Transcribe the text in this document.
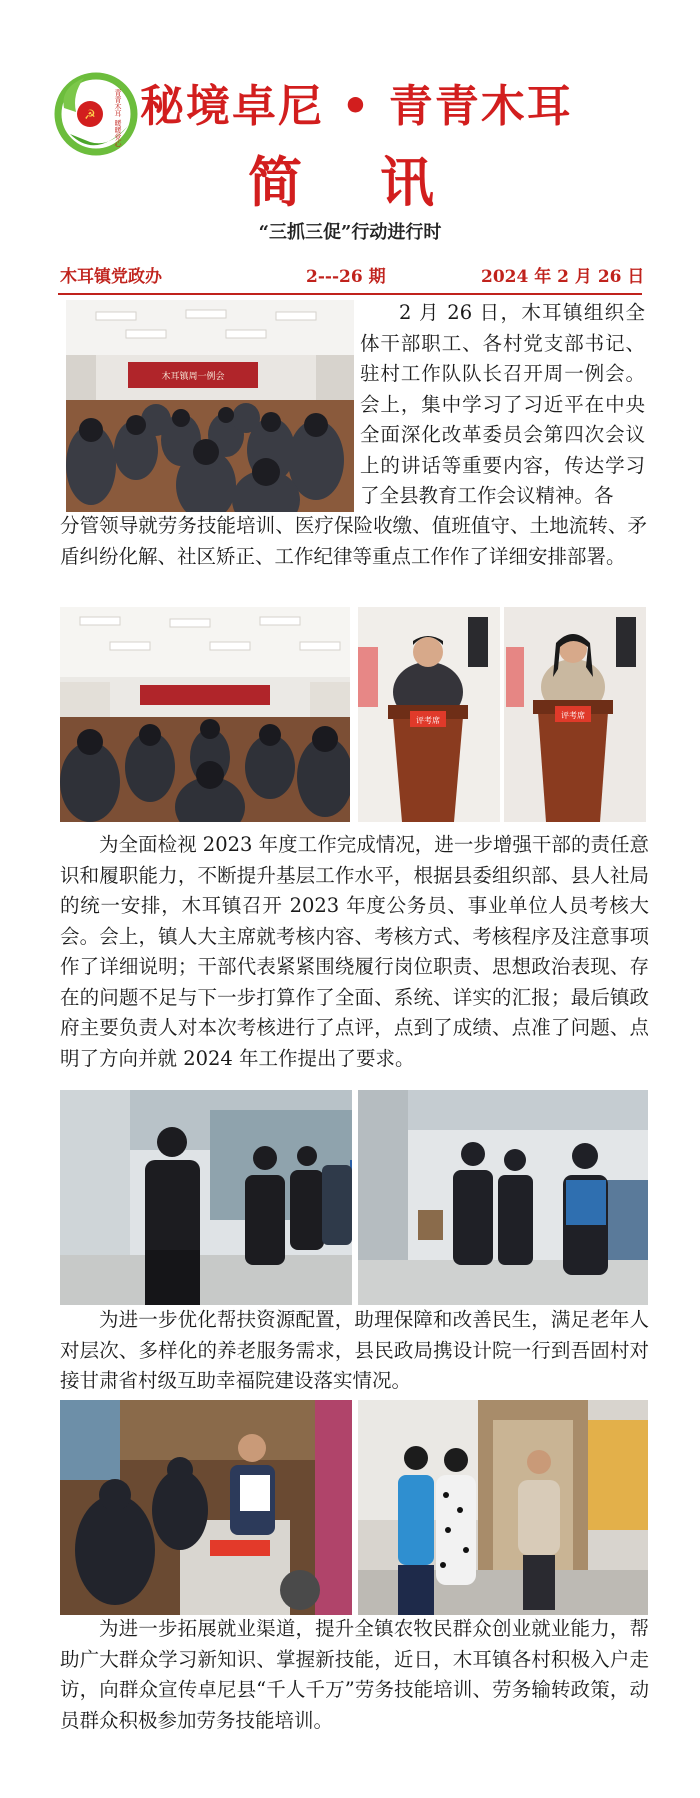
☭	青青木耳 暖暖党心 秘境卓尼 • 青青木耳
简讯
“三抓三促”行动进行时
木耳镇党政办	2---26 期	2024 年 2 月 26 日
木耳镇周一例会
2 月 26 日，木耳镇组织全体干部职工、各村党支部书记、驻村工作队队长召开周一例会。会上，集中学习了习近平在中央全面深化改革委员会第四次会议上的讲话等重要内容，传达学习了全县教育工作会议精神。各
分管领导就劳务技能培训、医疗保险收缴、值班值守、土地流转、矛盾纠纷化解、社区矫正、工作纪律等重点工作作了详细安排部署。
评考席
评考席
为全面检视 2023 年度工作完成情况，进一步增强干部的责任意识和履职能力，不断提升基层工作水平，根据县委组织部、县人社局的统一安排，木耳镇召开 2023 年度公务员、事业单位人员考核大会。会上，镇人大主席就考核内容、考核方式、考核程序及注意事项作了详细说明；干部代表紧紧围绕履行岗位职责、思想政治表现、存在的问题不足与下一步打算作了全面、系统、详实的汇报；最后镇政府主要负责人对本次考核进行了点评，点到了成绩、点准了问题、点明了方向并就 2024 年工作提出了要求。
为进一步优化帮扶资源配置，助理保障和改善民生，满足老年人对层次、多样化的养老服务需求，县民政局携设计院一行到吾固村对接甘肃省村级互助幸福院建设落实情况。
为进一步拓展就业渠道，提升全镇农牧民群众创业就业能力，帮助广大群众学习新知识、掌握新技能，近日，木耳镇各村积极入户走访，向群众宣传卓尼县“千人千万”劳务技能培训、劳务输转政策，动员群众积极参加劳务技能培训。
